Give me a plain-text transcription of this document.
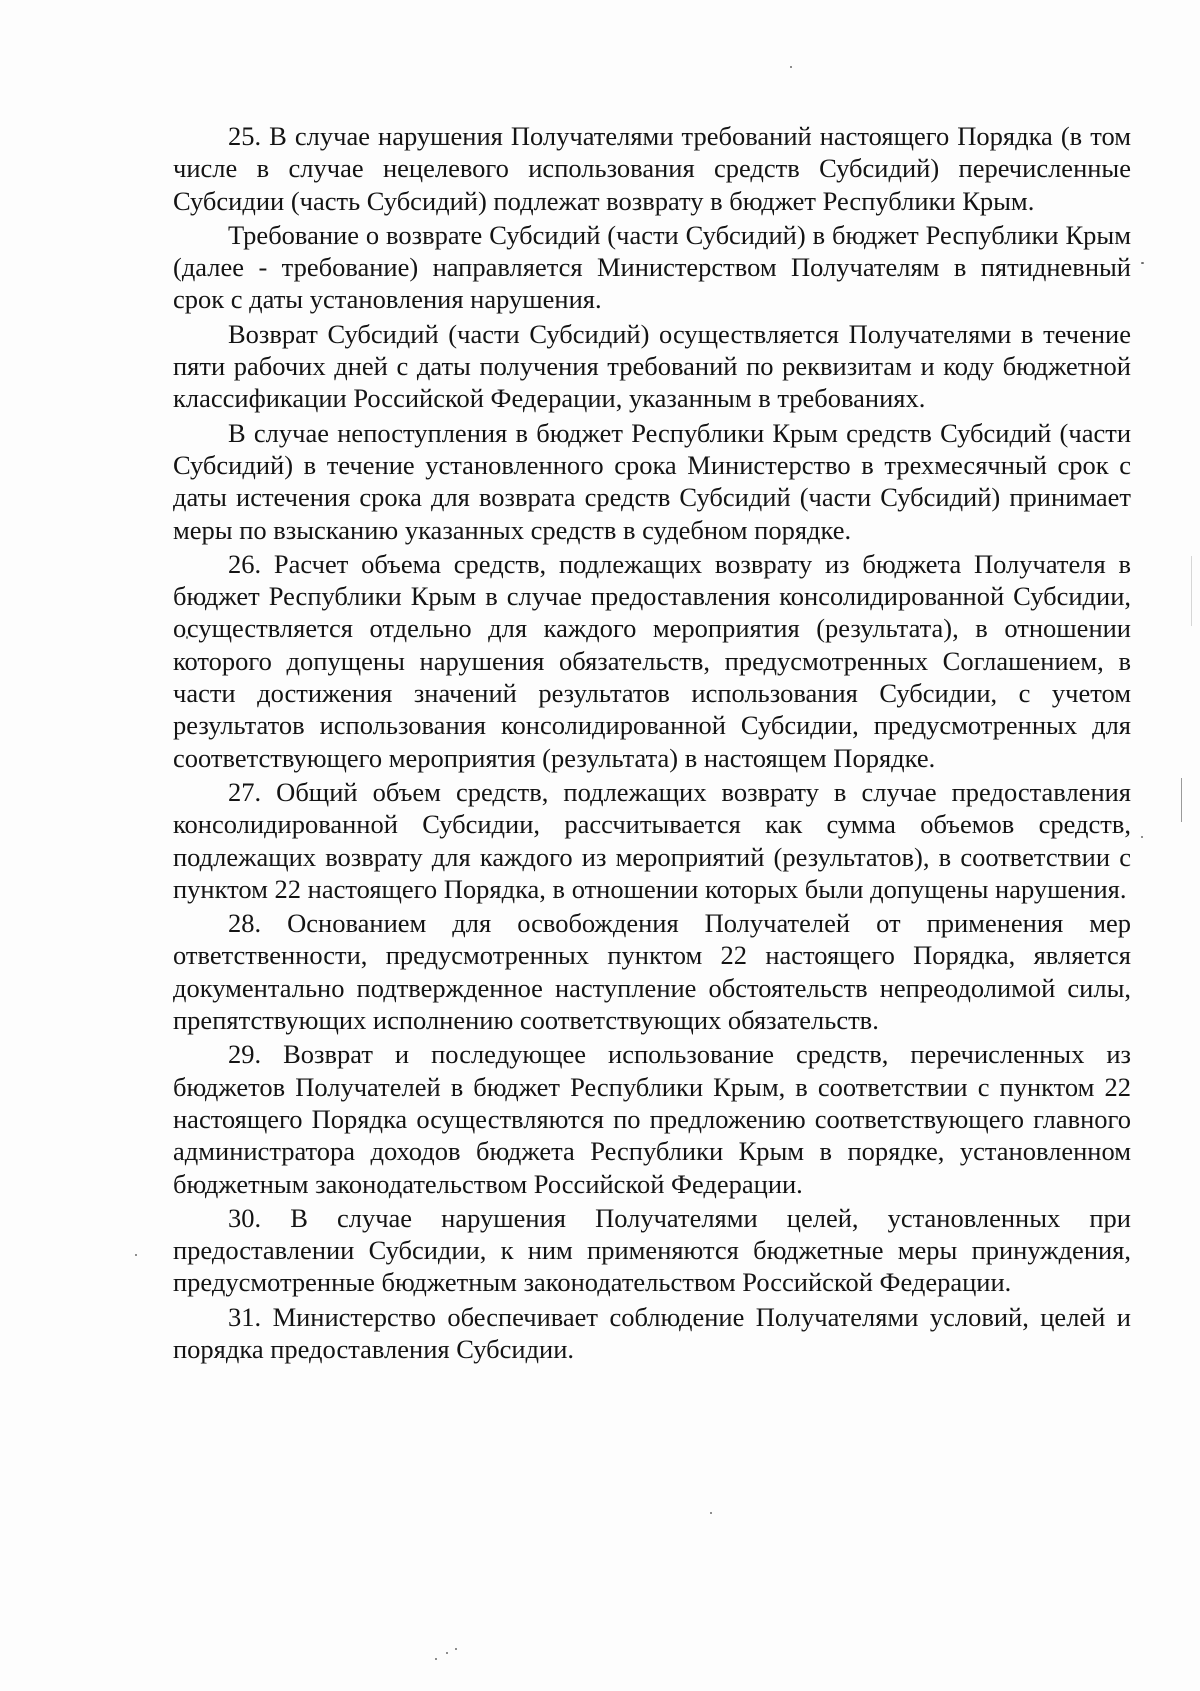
25. В случае нарушения Получателями требований настоящего Порядка (в том числе в случае нецелевого использования средств Субсидий) перечисленные Субсидии (часть Субсидий) подлежат возврату в бюджет Республики Крым.

Требование о возврате Субсидий (части Субсидий) в бюджет Республики Крым (далее - требование) направляется Министерством Получателям в пятидневный срок с даты установления нарушения.

Возврат Субсидий (части Субсидий) осуществляется Получателями в течение пяти рабочих дней с даты получения требований по реквизитам и коду бюджетной классификации Российской Федерации, указанным в требованиях.

В случае непоступления в бюджет Республики Крым средств Субсидий (части Субсидий) в течение установленного срока Министерство в трехмесячный срок с даты истечения срока для возврата средств Субсидий (части Субсидий) принимает меры по взысканию указанных средств в судебном порядке.

26. Расчет объема средств, подлежащих возврату из бюджета Получателя в бюджет Республики Крым в случае предоставления консолидированной Субсидии, осуществляется отдельно для каждого мероприятия (результата), в отношении которого допущены нарушения обязательств, предусмотренных Соглашением, в части достижения значений результатов использования Субсидии, с учетом результатов использования консолидированной Субсидии, предусмотренных для соответствующего мероприятия (результата) в настоящем Порядке.

27. Общий объем средств, подлежащих возврату в случае предоставления консолидированной Субсидии, рассчитывается как сумма объемов средств, подлежащих возврату для каждого из мероприятий (результатов), в соответствии с пунктом 22 настоящего Порядка, в отношении которых были допущены нарушения.

28. Основанием для освобождения Получателей от применения мер ответственности, предусмотренных пунктом 22 настоящего Порядка, является документально подтвержденное наступление обстоятельств непреодолимой силы, препятствующих исполнению соответствующих обязательств.

29. Возврат и последующее использование средств, перечисленных из бюджетов Получателей в бюджет Республики Крым, в соответствии с пунктом 22 настоящего Порядка осуществляются по предложению соответствующего главного администратора доходов бюджета Республики Крым в порядке, установленном бюджетным законодательством Российской Федерации.

30. В случае нарушения Получателями целей, установленных при предоставлении Субсидии, к ним применяются бюджетные меры принуждения, предусмотренные бюджетным законодательством Российской Федерации.

31. Министерство обеспечивает соблюдение Получателями условий, целей и порядка предоставления Субсидии.
